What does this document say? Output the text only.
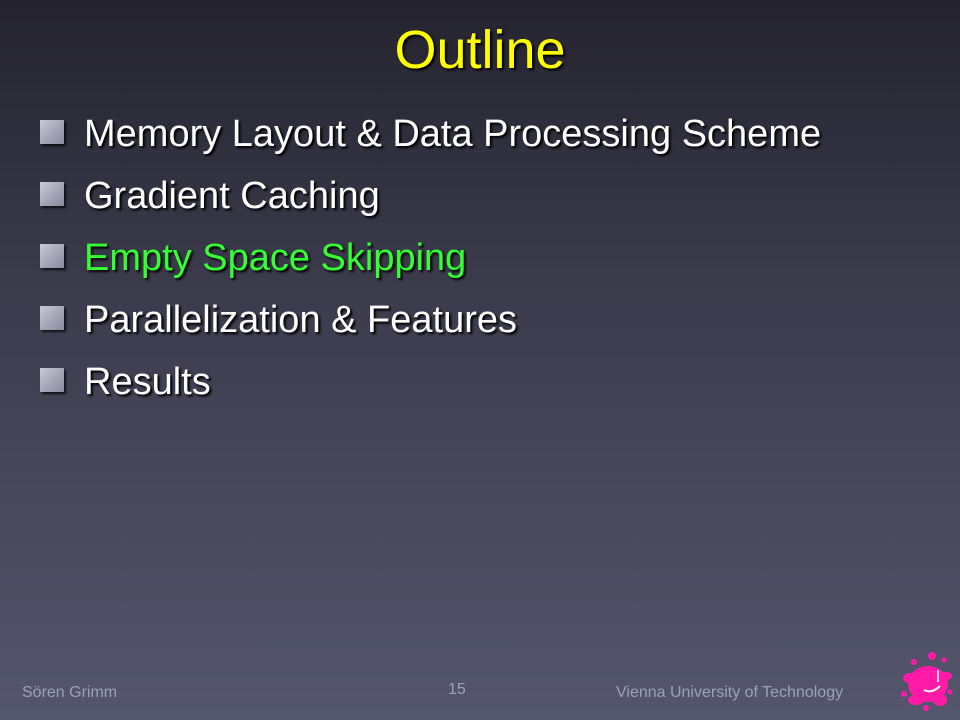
Outline
Memory Layout & Data Processing Scheme
Gradient Caching
Empty Space Skipping
Parallelization & Features
Results
Sören Grimm	15	Vienna University of Technology
